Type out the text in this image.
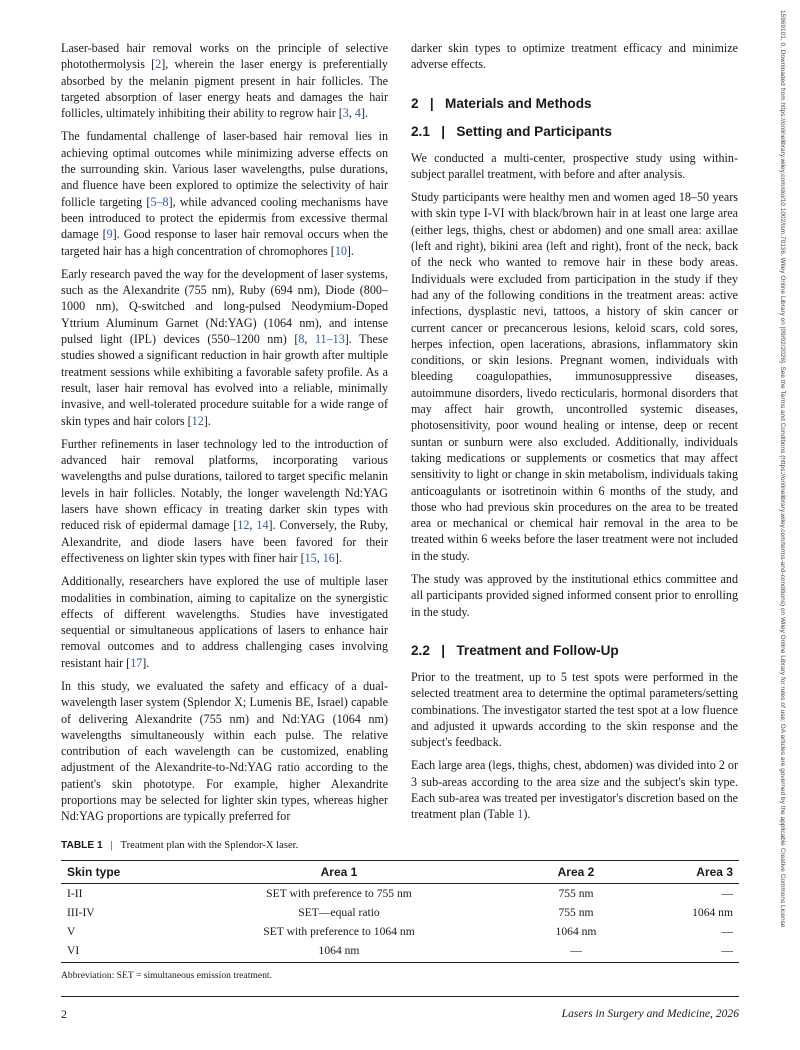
15969101, 0, Downloaded from https://onlinelibrary.wiley.com/doi/10.1002/lsm.70136, Wiley Online Library on [09/02/2026]. See the Terms and Conditions (https://onlinelibrary.wiley.com/terms-and-conditions) on Wiley Online Library for rules of use; OA articles are governed by the applicable Creative Commons License

Laser-based hair removal works on the principle of selective photothermolysis [2], wherein the laser energy is preferentially absorbed by the melanin pigment present in hair follicles. The targeted absorption of laser energy heats and damages the hair follicles, ultimately inhibiting their ability to regrow hair [3, 4].

The fundamental challenge of laser-based hair removal lies in achieving optimal outcomes while minimizing adverse effects on the surrounding skin. Various laser wavelengths, pulse durations, and fluence have been explored to optimize the selectivity of hair follicle targeting [5–8], while advanced cooling mechanisms have been introduced to protect the epidermis from excessive thermal damage [9]. Good response to laser hair removal occurs when the targeted hair has a high concentration of chromophores [10].

Early research paved the way for the development of laser systems, such as the Alexandrite (755 nm), Ruby (694 nm), Diode (800–1000 nm), Q-switched and long-pulsed Neodymium-Doped Yttrium Aluminum Garnet (Nd:YAG) (1064 nm), and intense pulsed light (IPL) devices (550–1200 nm) [8, 11–13]. These studies showed a significant reduction in hair growth after multiple treatment sessions while exhibiting a favorable safety profile. As a result, laser hair removal has evolved into a reliable, minimally invasive, and well-tolerated procedure suitable for a wide range of skin types and hair colors [12].

Further refinements in laser technology led to the introduction of advanced hair removal platforms, incorporating various wavelengths and pulse durations, tailored to target specific melanin levels in hair follicles. Notably, the longer wavelength Nd:YAG lasers have shown efficacy in treating darker skin types with reduced risk of epidermal damage [12, 14]. Conversely, the Ruby, Alexandrite, and diode lasers have been favored for their effectiveness on lighter skin types with finer hair [15, 16].

Additionally, researchers have explored the use of multiple laser modalities in combination, aiming to capitalize on the synergistic effects of different wavelengths. Studies have investigated sequential or simultaneous applications of lasers to enhance hair removal outcomes and to address challenging cases involving resistant hair [17].

In this study, we evaluated the safety and efficacy of a dual-wavelength laser system (Splendor X; Lumenis BE, Israel) capable of delivering Alexandrite (755 nm) and Nd:YAG (1064 nm) wavelengths simultaneously within each pulse. The relative contribution of each wavelength can be customized, enabling adjustment of the Alexandrite-to-Nd:YAG ratio according to the patient's skin phototype. For example, higher Alexandrite proportions may be selected for lighter skin types, whereas higher Nd:YAG proportions are typically preferred for

darker skin types to optimize treatment efficacy and minimize adverse effects.

2   |   Materials and Methods
2.1   |   Setting and Participants

We conducted a multi-center, prospective study using within-subject parallel treatment, with before and after analysis.

Study participants were healthy men and women aged 18–50 years with skin type I-VI with black/brown hair in at least one large area (either legs, thighs, chest or abdomen) and one small area: axillae (left and right), bikini area (left and right), front of the neck, back of the neck who wanted to remove hair in these body areas. Individuals were excluded from participation in the study if they had any of the following conditions in the treatment areas: active infections, dysplastic nevi, tattoos, a history of skin cancer or current cancer or precancerous lesions, keloid scars, cold sores, herpes infection, open lacerations, abrasions, inflammatory skin conditions, or skin lesions. Pregnant women, individuals with bleeding coagulopathies, immunosuppressive diseases, autoimmune disorders, livedo recticularis, hormonal disorders that may affect hair growth, uncontrolled systemic diseases, photosensitivity, poor wound healing or intense, deep or recent suntan or sunburn were also excluded. Additionally, individuals taking medications or supplements or cosmetics that may affect sensitivity to light or change in skin metabolism, individuals taking anticoagulants or isotretinoin within 6 months of the study, and those who had previous skin procedures on the area to be treated area or mechanical or chemical hair removal in the area to be treated within 6 weeks before the laser treatment were not included in the study.

The study was approved by the institutional ethics committee and all participants provided signed informed consent prior to enrolling in the study.

2.2   |   Treatment and Follow-Up

Prior to the treatment, up to 5 test spots were performed in the selected treatment area to determine the optimal parameters/setting combinations. The investigator started the test spot at a low fluence and adjusted it upwards according to the skin response and the subject's feedback.

Each large area (legs, thighs, chest, abdomen) was divided into 2 or 3 sub-areas according to the area size and the subject's skin type. Each sub-area was treated per investigator's discretion based on the treatment plan (Table 1).

TABLE 1 | Treatment plan with the Splendor-X laser.
Skin type	Area 1	Area 2	Area 3
I-II	SET with preference to 755 nm	755 nm	—
III-IV	SET—equal ratio	755 nm	1064 nm
V	SET with preference to 1064 nm	1064 nm	—
VI	1064 nm	—	—
Abbreviation: SET = simultaneous emission treatment.
2	Lasers in Surgery and Medicine, 2026
